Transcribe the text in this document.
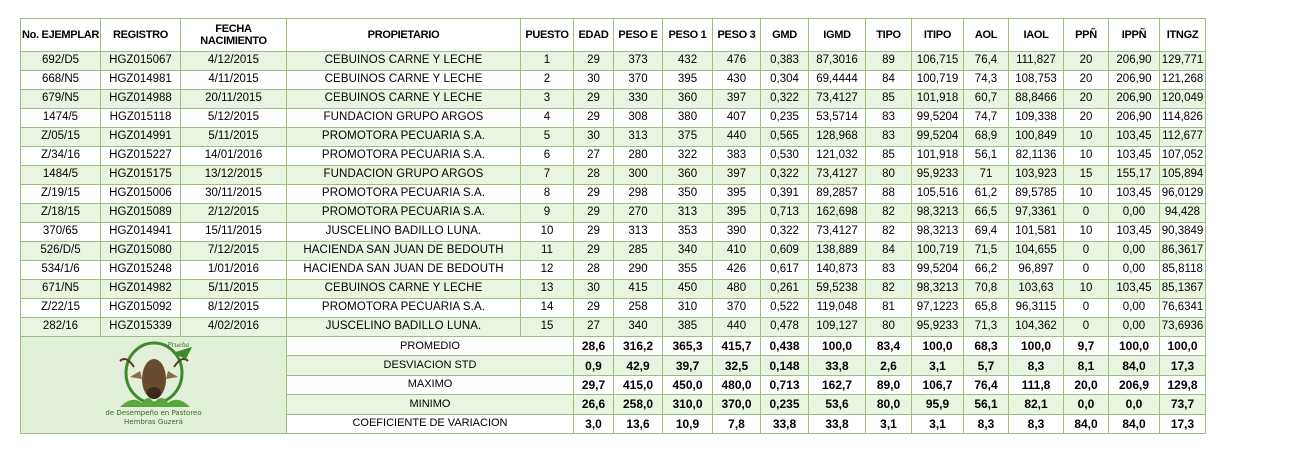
No. EJEMPLAR	REGISTRO	FECHA NACIMIENTO	PROPIETARIO	PUESTO	EDAD	PESO E	PESO 1	PESO 3	GMD	IGMD	TIPO	ITIPO	AOL	IAOL	PPÑ	IPPÑ	ITNGZ
692/D5	HGZ015067	4/12/2015	CEBUINOS CARNE Y LECHE	1	29	373	432	476	0,383	87,3016	89	106,715	76,4	111,827	20	206,90	129,771
668/N5	HGZ014981	4/11/2015	CEBUINOS CARNE Y LECHE	2	30	370	395	430	0,304	69,4444	84	100,719	74,3	108,753	20	206,90	121,268
679/N5	HGZ014988	20/11/2015	CEBUINOS CARNE Y LECHE	3	29	330	360	397	0,322	73,4127	85	101,918	60,7	88,8466	20	206,90	120,049
1474/5	HGZ015118	5/12/2015	FUNDACION GRUPO ARGOS	4	29	308	380	407	0,235	53,5714	83	99,5204	74,7	109,338	20	206,90	114,826
Z/05/15	HGZ014991	5/11/2015	PROMOTORA PECUARIA S.A.	5	30	313	375	440	0,565	128,968	83	99,5204	68,9	100,849	10	103,45	112,677
Z/34/16	HGZ015227	14/01/2016	PROMOTORA PECUARIA S.A.	6	27	280	322	383	0,530	121,032	85	101,918	56,1	82,1136	10	103,45	107,052
1484/5	HGZ015175	13/12/2015	FUNDACION GRUPO ARGOS	7	28	300	360	397	0,322	73,4127	80	95,9233	71	103,923	15	155,17	105,894
Z/19/15	HGZ015006	30/11/2015	PROMOTORA PECUARIA S.A.	8	29	298	350	395	0,391	89,2857	88	105,516	61,2	89,5785	10	103,45	96,0129
Z/18/15	HGZ015089	2/12/2015	PROMOTORA PECUARIA S.A.	9	29	270	313	395	0,713	162,698	82	98,3213	66,5	97,3361	0	0,00	94,428
370/65	HGZ014941	15/11/2015	JUSCELINO BADILLO LUNA.	10	29	313	353	390	0,322	73,4127	82	98,3213	69,4	101,581	10	103,45	90,3849
526/D/5	HGZ015080	7/12/2015	HACIENDA SAN JUAN DE BEDOUTH	11	29	285	340	410	0,609	138,889	84	100,719	71,5	104,655	0	0,00	86,3617
534/1/6	HGZ015248	1/01/2016	HACIENDA SAN JUAN DE BEDOUTH	12	28	290	355	426	0,617	140,873	83	99,5204	66,2	96,897	0	0,00	85,8118
671/N5	HGZ014982	5/11/2015	CEBUINOS CARNE Y LECHE	13	30	415	450	480	0,261	59,5238	82	98,3213	70,8	103,63	10	103,45	85,1367
Z/22/15	HGZ015092	8/12/2015	PROMOTORA PECUARIA S.A.	14	29	258	310	370	0,522	119,048	81	97,1223	65,8	96,3115	0	0,00	76,6341
282/16	HGZ015339	4/02/2016	JUSCELINO BADILLO LUNA.	15	27	340	385	440	0,478	109,127	80	95,9233	71,3	104,362	0	0,00	73,6936

Prueba
de Desempeño en Pastoreo
Hembras Guzerá			PROMEDIO		28,6	316,2	365,3	415,7	0,438	100,0	83,4	100,0	68,3	100,0	9,7	100,0	100,0
			DESVIACION STD		0,9	42,9	39,7	32,5	0,148	33,8	2,6	3,1	5,7	8,3	8,1	84,0	17,3
			MAXIMO		29,7	415,0	450,0	480,0	0,713	162,7	89,0	106,7	76,4	111,8	20,0	206,9	129,8
			MINIMO		26,6	258,0	310,0	370,0	0,235	53,6	80,0	95,9	56,1	82,1	0,0	0,0	73,7
			COEFICIENTE DE VARIACION		3,0	13,6	10,9	7,8	33,8	33,8	3,1	3,1	8,3	8,3	84,0	84,0	17,3
